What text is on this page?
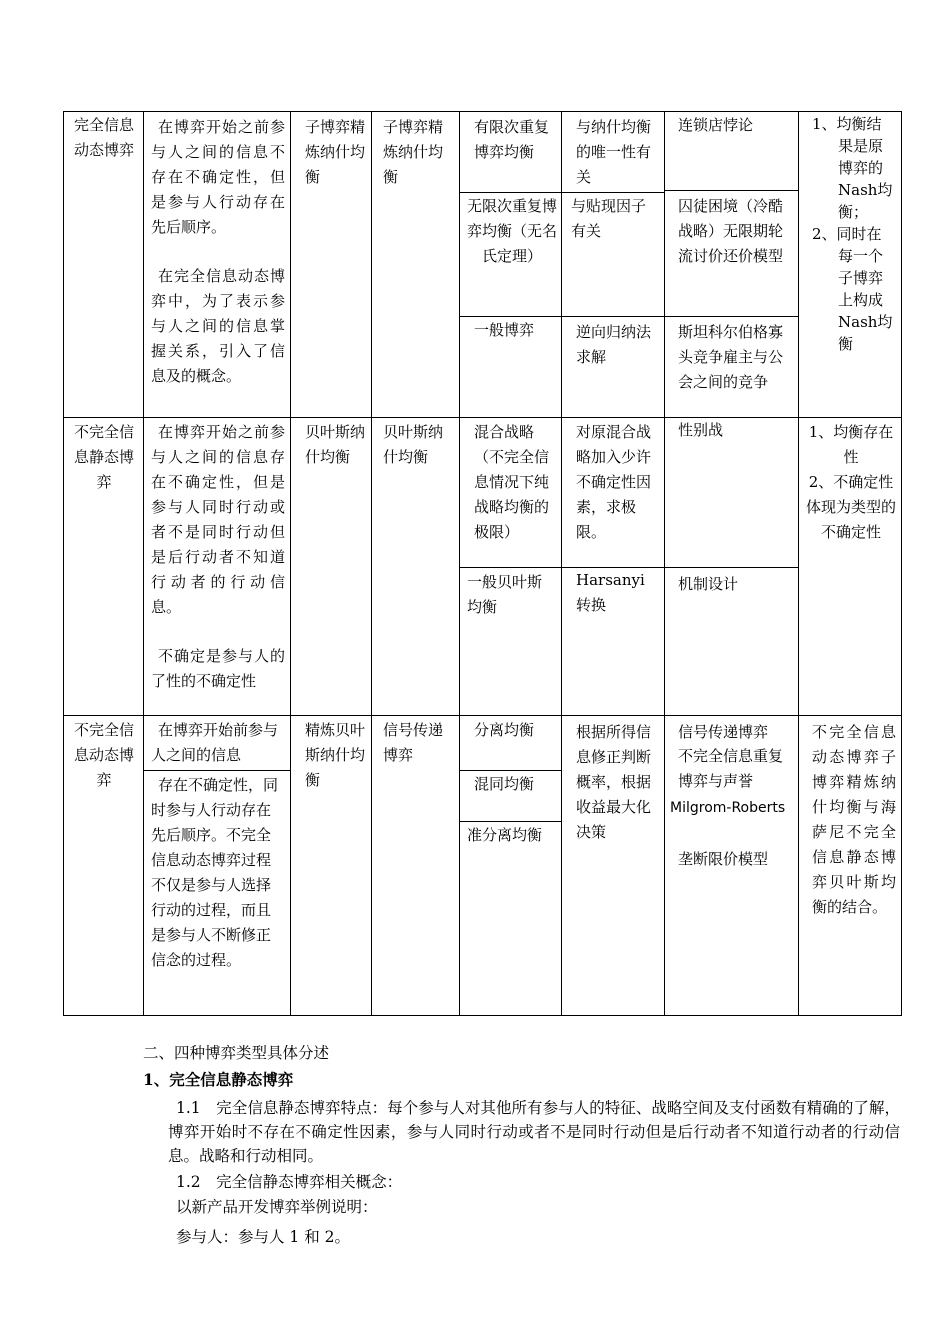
完全信息动态博弈
在博弈开始之前参与人之间的信息不存在不确定性，但是参与人行动存在先后顺序。
在完全信息动态博弈中，为了表示参与人之间的信息掌握关系，引入了信息及的概念。
子博弈精炼纳什均衡
子博弈精炼纳什均衡
有限次重复博弈均衡
与纳什均衡的唯一性有关
连锁店悖论
无限次重复博弈均衡（无名氏定理）
与贴现因子有关
囚徒困境（冷酷战略）无限期轮流讨价还价模型
一般博弈	逆向归纳法求解
斯坦科尔伯格寡头竞争雇主与公会之间的竞争
1、均衡结果是原博弈的Nash均衡；
2、同时在每一个子博弈上构成Nash均衡
不完全信息静态博弈
在博弈开始之前参与人之间的信息存在不确定性，但是参与人同时行动或者不是同时行动但是后行动者不知道行动者的行动信息。
不确定是参与人的了性的不确定性
贝叶斯纳什均衡
贝叶斯纳什均衡
混合战略（不完全信息情况下纯战略均衡的极限）
对原混合战略加入少许不确定性因素，求极限。
性别战
一般贝叶斯均衡
Harsanyi 转换
机制设计
1、均衡存在性
2、不确定性体现为类型的不确定性
不完全信息动态博弈
在博弈开始前参与人之间的信息
存在不确定性，同时参与人行动存在先后顺序。不完全信息动态博弈过程不仅是参与人选择行动的过程，而且是参与人不断修正信念的过程。
精炼贝叶斯纳什均衡
信号传递博弈
分离均衡
混同均衡
准分离均衡
根据所得信息修正判断概率，根据收益最大化决策
信号传递博弈
不完全信息重复博弈与声誉
Milgrom-Roberts
垄断限价模型
不完全信息动态博弈子博弈精炼纳什均衡与海萨尼不完全信息静态博弈贝叶斯均衡的结合。
二、四种博弈类型具体分述
1、完全信息静态博弈
1.1　完全信息静态博弈特点：每个参与人对其他所有参与人的特征、战略空间及支付函数有精确的了解，博弈开始时不存在不确定性因素，参与人同时行动或者不是同时行动但是后行动者不知道行动者的行动信息。战略和行动相同。
1.2　完全信静态博弈相关概念：
以新产品开发博弈举例说明：
参与人：参与人 1 和 2。
